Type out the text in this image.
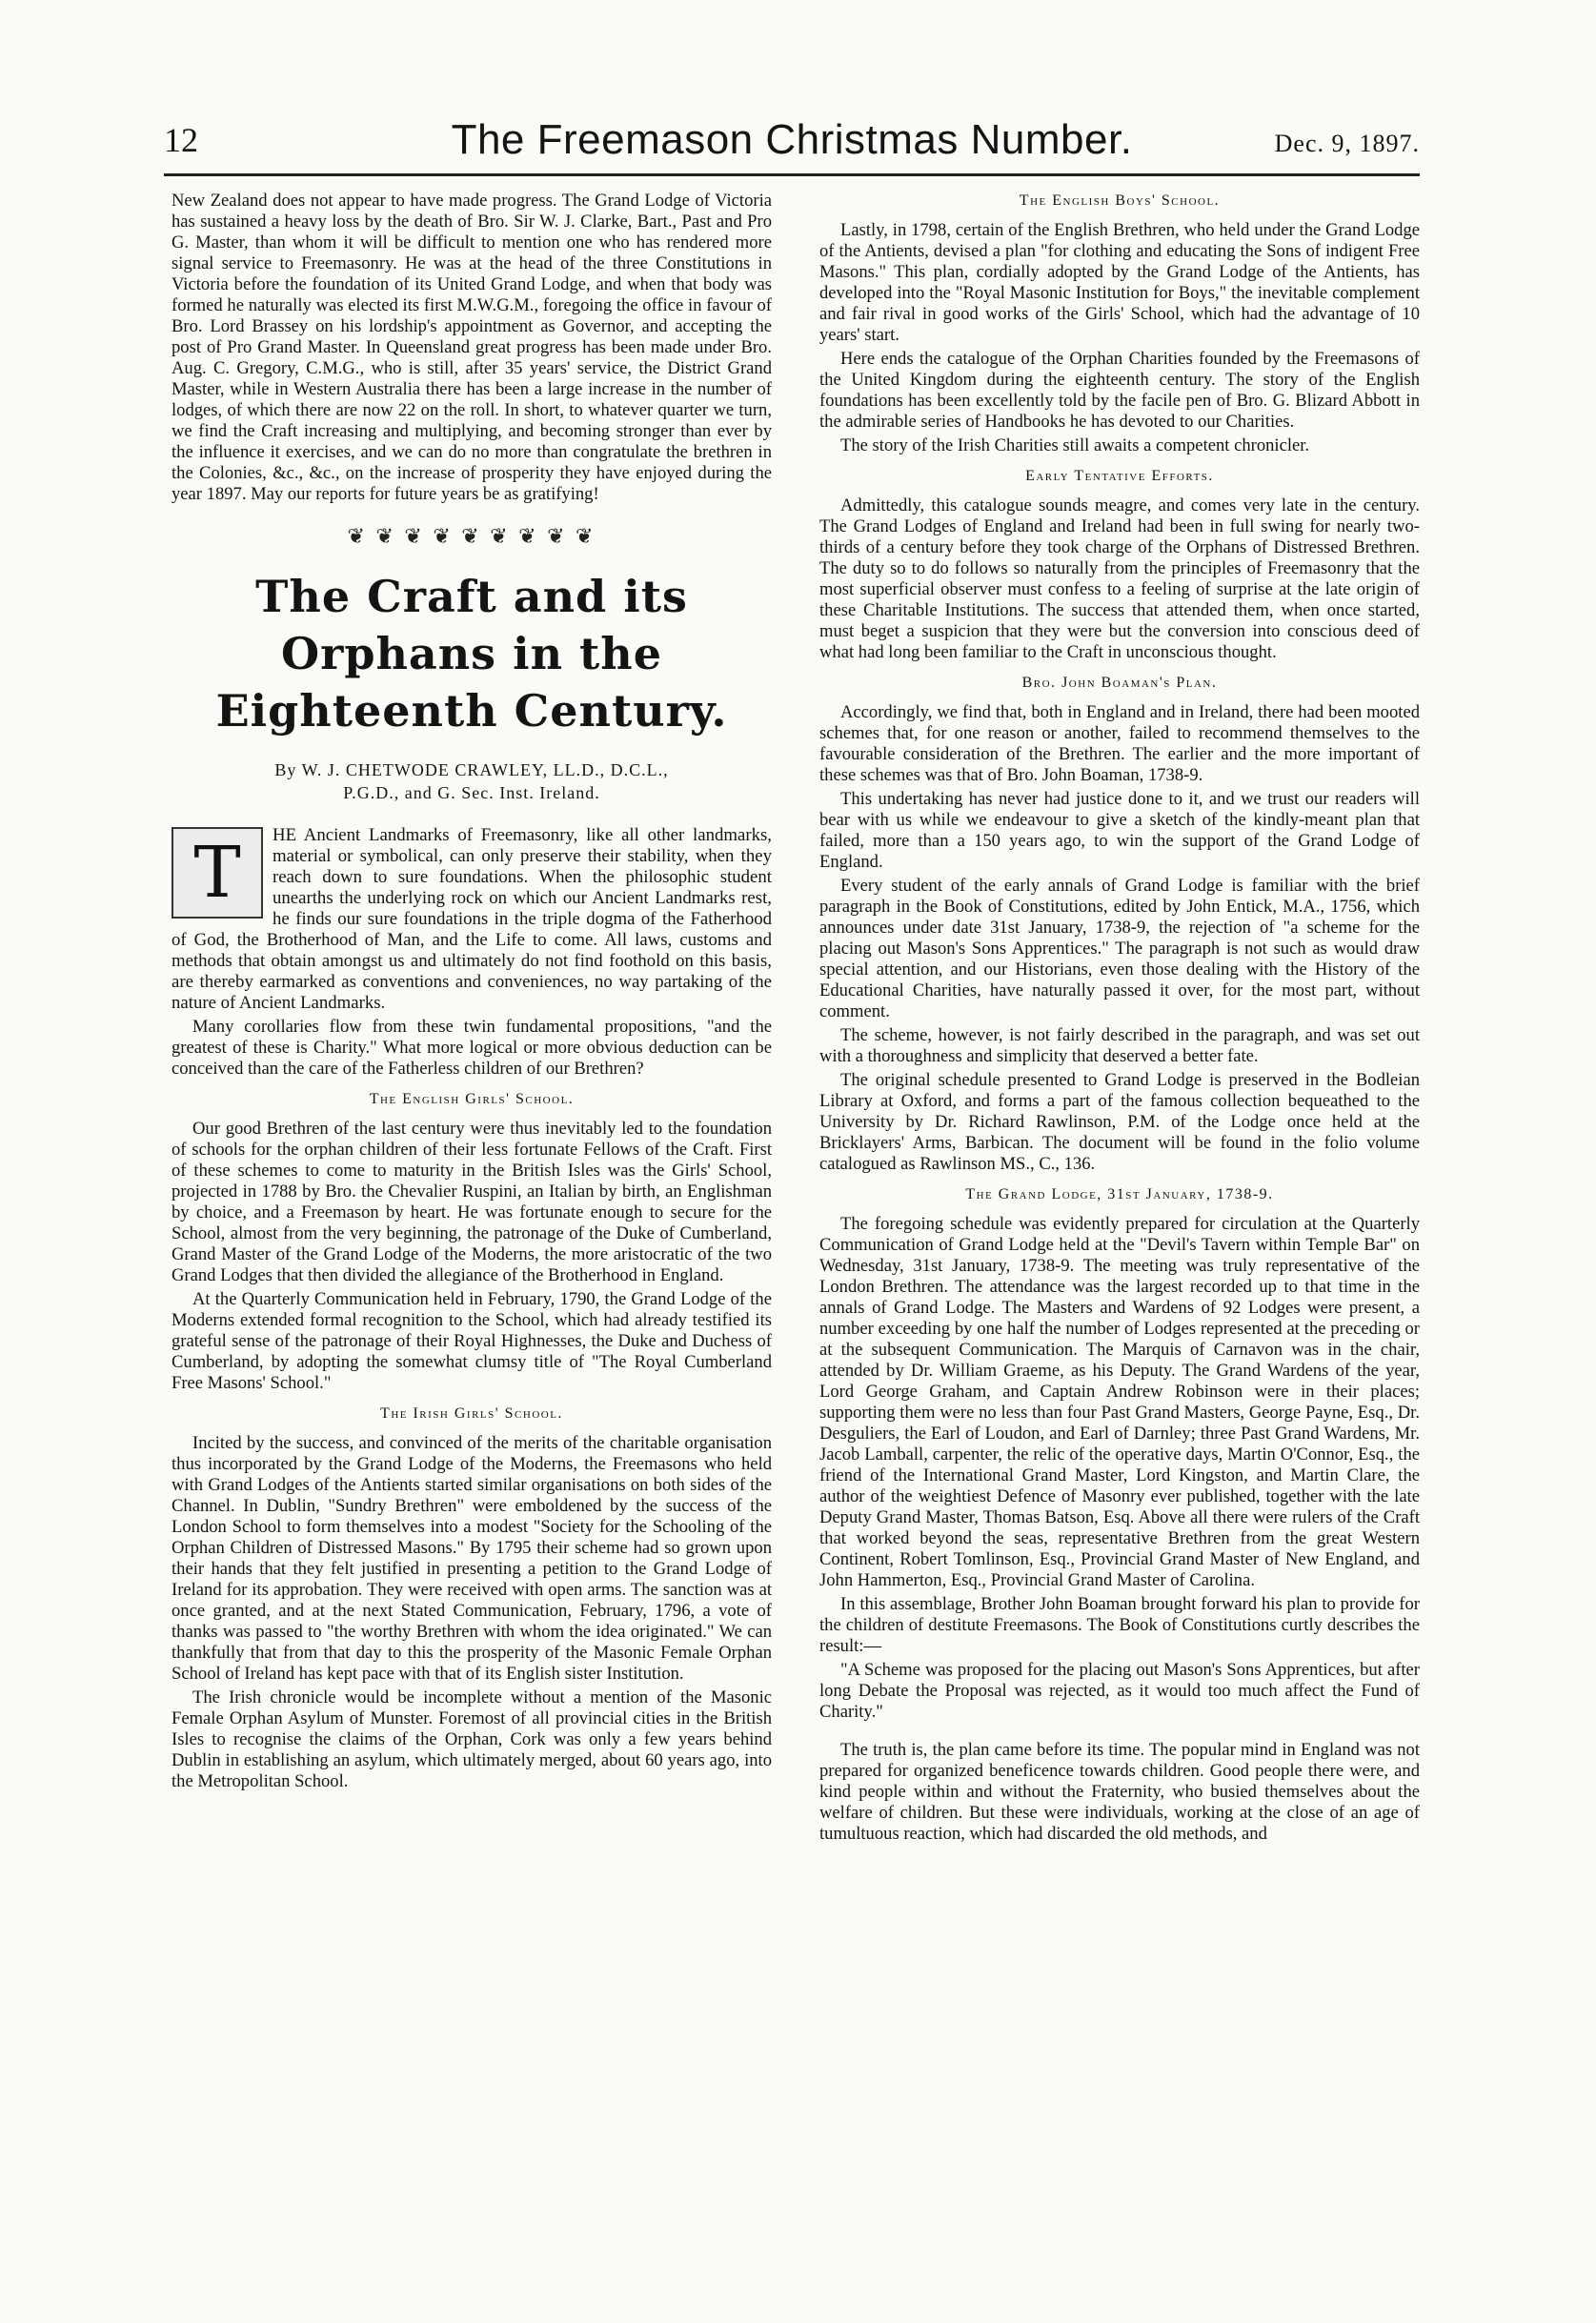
12	The Freemason Christmas Number.	Dec. 9, 1897.

New Zealand does not appear to have made progress. The Grand Lodge of Victoria has sustained a heavy loss by the death of Bro. Sir W. J. Clarke, Bart., Past and Pro G. Master, than whom it will be difficult to mention one who has rendered more signal service to Freemasonry. He was at the head of the three Constitutions in Victoria before the foundation of its United Grand Lodge, and when that body was formed he naturally was elected its first M.W.G.M., foregoing the office in favour of Bro. Lord Brassey on his lordship's appointment as Governor, and accepting the post of Pro Grand Master. In Queensland great progress has been made under Bro. Aug. C. Gregory, C.M.G., who is still, after 35 years' service, the District Grand Master, while in Western Australia there has been a large increase in the number of lodges, of which there are now 22 on the roll. In short, to whatever quarter we turn, we find the Craft increasing and multiplying, and becoming stronger than ever by the influence it exercises, and we can do no more than congratulate the brethren in the Colonies, &c., &c., on the increase of prosperity they have enjoyed during the year 1897. May our reports for future years be as gratifying!

❦ ❦ ❦ ❦ ❦ ❦ ❦ ❦ ❦
The Craft and its Orphans in the Eighteenth Century.
By W. J. CHETWODE CRAWLEY, LL.D., D.C.L.,
P.G.D., and G. Sec. Inst. Ireland.

T	HE Ancient Landmarks of Freemasonry, like all other landmarks, material or symbolical, can only preserve their stability, when they reach down to sure foundations. When the philosophic student unearths the underlying rock on which our Ancient Landmarks rest, he finds our sure foundations in the triple dogma of the Fatherhood of God, the Brotherhood of Man, and the Life to come. All laws, customs and methods that obtain amongst us and ultimately do not find foothold on this basis, are thereby earmarked as conventions and conveniences, no way partaking of the nature of Ancient Landmarks.

Many corollaries flow from these twin fundamental propositions, "and the greatest of these is Charity." What more logical or more obvious deduction can be conceived than the care of the Fatherless children of our Brethren?

The English Girls' School.

Our good Brethren of the last century were thus inevitably led to the foundation of schools for the orphan children of their less fortunate Fellows of the Craft. First of these schemes to come to maturity in the British Isles was the Girls' School, projected in 1788 by Bro. the Chevalier Ruspini, an Italian by birth, an Englishman by choice, and a Freemason by heart. He was fortunate enough to secure for the School, almost from the very beginning, the patronage of the Duke of Cumberland, Grand Master of the Grand Lodge of the Moderns, the more aristocratic of the two Grand Lodges that then divided the allegiance of the Brotherhood in England.

At the Quarterly Communication held in February, 1790, the Grand Lodge of the Moderns extended formal recognition to the School, which had already testified its grateful sense of the patronage of their Royal Highnesses, the Duke and Duchess of Cumberland, by adopting the somewhat clumsy title of "The Royal Cumberland Free Masons' School."

The Irish Girls' School.

Incited by the success, and convinced of the merits of the charitable organisation thus incorporated by the Grand Lodge of the Moderns, the Freemasons who held with Grand Lodges of the Antients started similar organisations on both sides of the Channel. In Dublin, "Sundry Brethren" were emboldened by the success of the London School to form themselves into a modest "Society for the Schooling of the Orphan Children of Distressed Masons." By 1795 their scheme had so grown upon their hands that they felt justified in presenting a petition to the Grand Lodge of Ireland for its approbation. They were received with open arms. The sanction was at once granted, and at the next Stated Communication, February, 1796, a vote of thanks was passed to "the worthy Brethren with whom the idea originated." We can thankfully that from that day to this the prosperity of the Masonic Female Orphan School of Ireland has kept pace with that of its English sister Institution.

The Irish chronicle would be incomplete without a mention of the Masonic Female Orphan Asylum of Munster. Foremost of all provincial cities in the British Isles to recognise the claims of the Orphan, Cork was only a few years behind Dublin in establishing an asylum, which ultimately merged, about 60 years ago, into the Metropolitan School.

The English Boys' School.

Lastly, in 1798, certain of the English Brethren, who held under the Grand Lodge of the Antients, devised a plan "for clothing and educating the Sons of indigent Free Masons." This plan, cordially adopted by the Grand Lodge of the Antients, has developed into the "Royal Masonic Institution for Boys," the inevitable complement and fair rival in good works of the Girls' School, which had the advantage of 10 years' start.

Here ends the catalogue of the Orphan Charities founded by the Freemasons of the United Kingdom during the eighteenth century. The story of the English foundations has been excellently told by the facile pen of Bro. G. Blizard Abbott in the admirable series of Handbooks he has devoted to our Charities.

The story of the Irish Charities still awaits a competent chronicler.

Early Tentative Efforts.

Admittedly, this catalogue sounds meagre, and comes very late in the century. The Grand Lodges of England and Ireland had been in full swing for nearly two-thirds of a century before they took charge of the Orphans of Distressed Brethren. The duty so to do follows so naturally from the principles of Freemasonry that the most superficial observer must confess to a feeling of surprise at the late origin of these Charitable Institutions. The success that attended them, when once started, must beget a suspicion that they were but the conversion into conscious deed of what had long been familiar to the Craft in unconscious thought.

Bro. John Boaman's Plan.

Accordingly, we find that, both in England and in Ireland, there had been mooted schemes that, for one reason or another, failed to recommend themselves to the favourable consideration of the Brethren. The earlier and the more important of these schemes was that of Bro. John Boaman, 1738-9.

This undertaking has never had justice done to it, and we trust our readers will bear with us while we endeavour to give a sketch of the kindly-meant plan that failed, more than a 150 years ago, to win the support of the Grand Lodge of England.

Every student of the early annals of Grand Lodge is familiar with the brief paragraph in the Book of Constitutions, edited by John Entick, M.A., 1756, which announces under date 31st January, 1738-9, the rejection of "a scheme for the placing out Mason's Sons Apprentices." The paragraph is not such as would draw special attention, and our Historians, even those dealing with the History of the Educational Charities, have naturally passed it over, for the most part, without comment.

The scheme, however, is not fairly described in the paragraph, and was set out with a thoroughness and simplicity that deserved a better fate.

The original schedule presented to Grand Lodge is preserved in the Bodleian Library at Oxford, and forms a part of the famous collection bequeathed to the University by Dr. Richard Rawlinson, P.M. of the Lodge once held at the Bricklayers' Arms, Barbican. The document will be found in the folio volume catalogued as Rawlinson MS., C., 136.

The Grand Lodge, 31st January, 1738-9.

The foregoing schedule was evidently prepared for circulation at the Quarterly Communication of Grand Lodge held at the "Devil's Tavern within Temple Bar" on Wednesday, 31st January, 1738-9. The meeting was truly representative of the London Brethren. The attendance was the largest recorded up to that time in the annals of Grand Lodge. The Masters and Wardens of 92 Lodges were present, a number exceeding by one half the number of Lodges represented at the preceding or at the subsequent Communication. The Marquis of Carnavon was in the chair, attended by Dr. William Graeme, as his Deputy. The Grand Wardens of the year, Lord George Graham, and Captain Andrew Robinson were in their places; supporting them were no less than four Past Grand Masters, George Payne, Esq., Dr. Desguliers, the Earl of Loudon, and Earl of Darnley; three Past Grand Wardens, Mr. Jacob Lamball, carpenter, the relic of the operative days, Martin O'Connor, Esq., the friend of the International Grand Master, Lord Kingston, and Martin Clare, the author of the weightiest Defence of Masonry ever published, together with the late Deputy Grand Master, Thomas Batson, Esq. Above all there were rulers of the Craft that worked beyond the seas, representative Brethren from the great Western Continent, Robert Tomlinson, Esq., Provincial Grand Master of New England, and John Hammerton, Esq., Provincial Grand Master of Carolina.

In this assemblage, Brother John Boaman brought forward his plan to provide for the children of destitute Freemasons. The Book of Constitutions curtly describes the result:—

"A Scheme was proposed for the placing out Mason's Sons Apprentices, but after long Debate the Proposal was rejected, as it would too much affect the Fund of Charity."

The truth is, the plan came before its time. The popular mind in England was not prepared for organized beneficence towards children. Good people there were, and kind people within and without the Fraternity, who busied themselves about the welfare of children. But these were individuals, working at the close of an age of tumultuous reaction, which had discarded the old methods, and
